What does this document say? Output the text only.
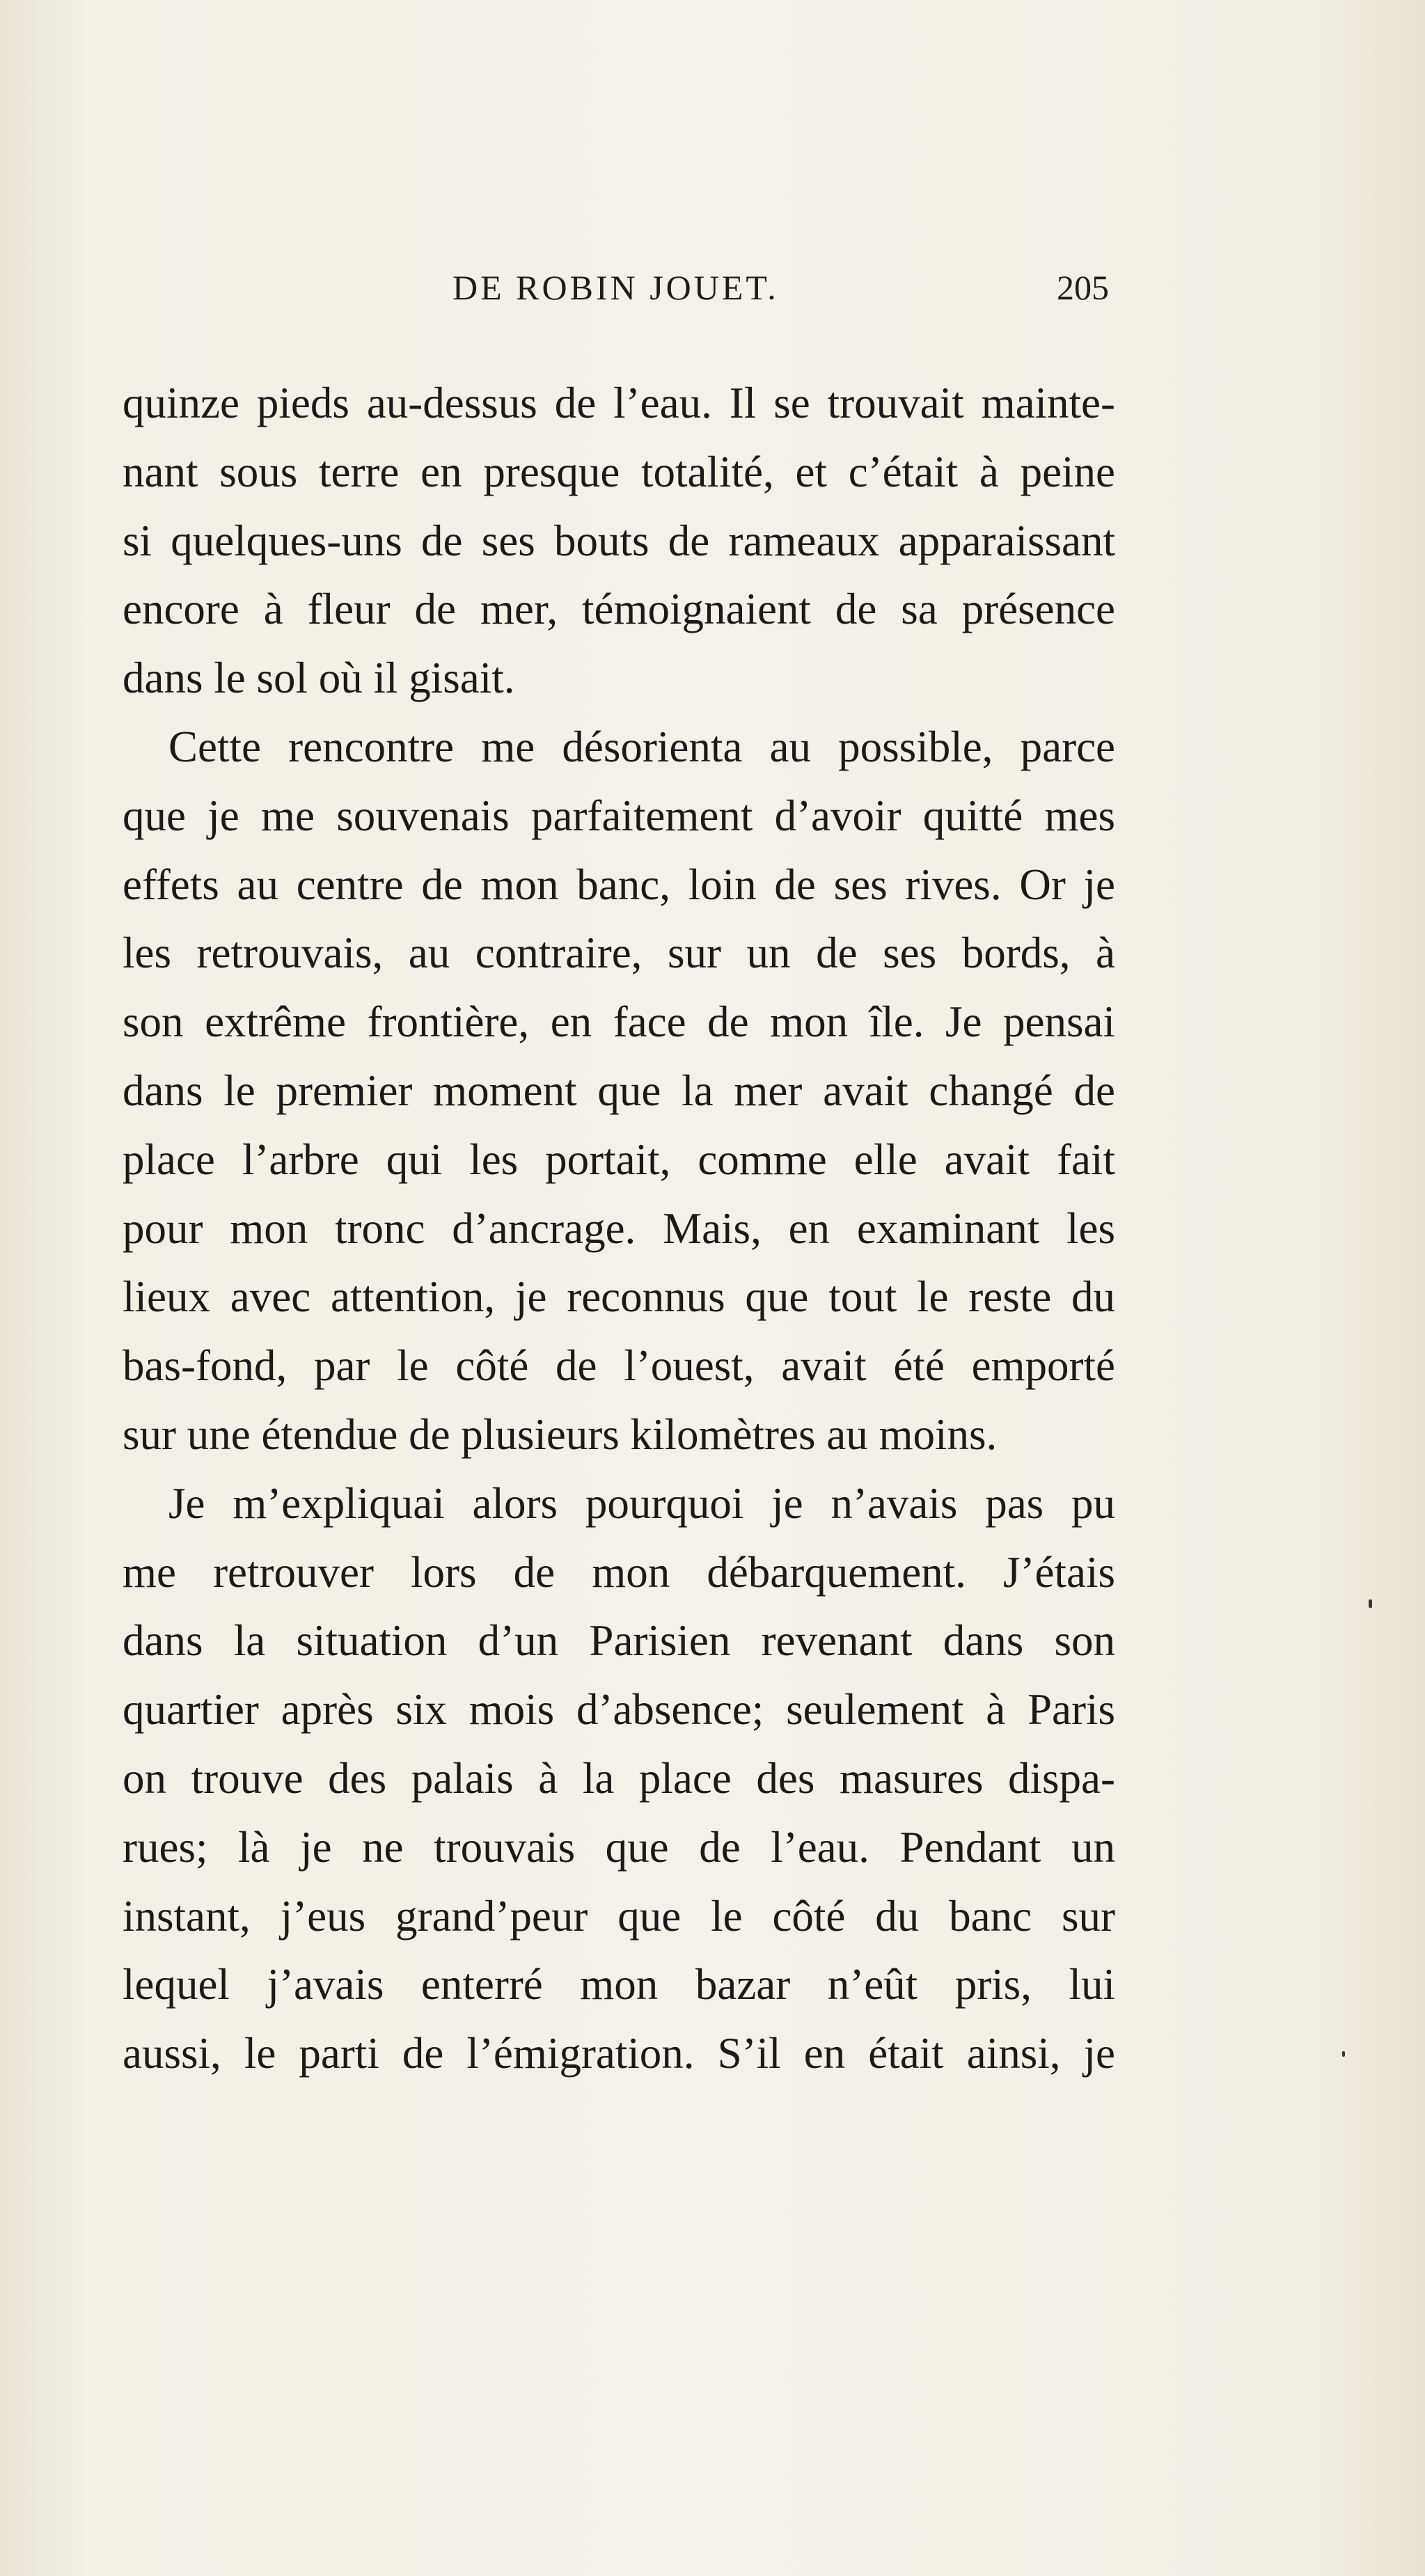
DE ROBIN JOUET.	205

quinze pieds au-dessus de l’eau. Il se trouvait mainte-
nant sous terre en presque totalité, et c’était à peine
si quelques-uns de ses bouts de rameaux apparaissant
encore à fleur de mer, témoignaient de sa présence
dans le sol où il gisait.

Cette rencontre me désorienta au possible, parce
que je me souvenais parfaitement d’avoir quitté mes
effets au centre de mon banc, loin de ses rives. Or je
les retrouvais, au contraire, sur un de ses bords, à
son extrême frontière, en face de mon île. Je pensai
dans le premier moment que la mer avait changé de
place l’arbre qui les portait, comme elle avait fait
pour mon tronc d’ancrage. Mais, en examinant les
lieux avec attention, je reconnus que tout le reste du
bas-fond, par le côté de l’ouest, avait été emporté
sur une étendue de plusieurs kilomètres au moins.

Je m’expliquai alors pourquoi je n’avais pas pu
me retrouver lors de mon débarquement. J’étais
dans la situation d’un Parisien revenant dans son
quartier après six mois d’absence; seulement à Paris
on trouve des palais à la place des masures dispa-
rues; là je ne trouvais que de l’eau. Pendant un
instant, j’eus grand’peur que le côté du banc sur
lequel j’avais enterré mon bazar n’eût pris, lui
aussi, le parti de l’émigration. S’il en était ainsi, je
